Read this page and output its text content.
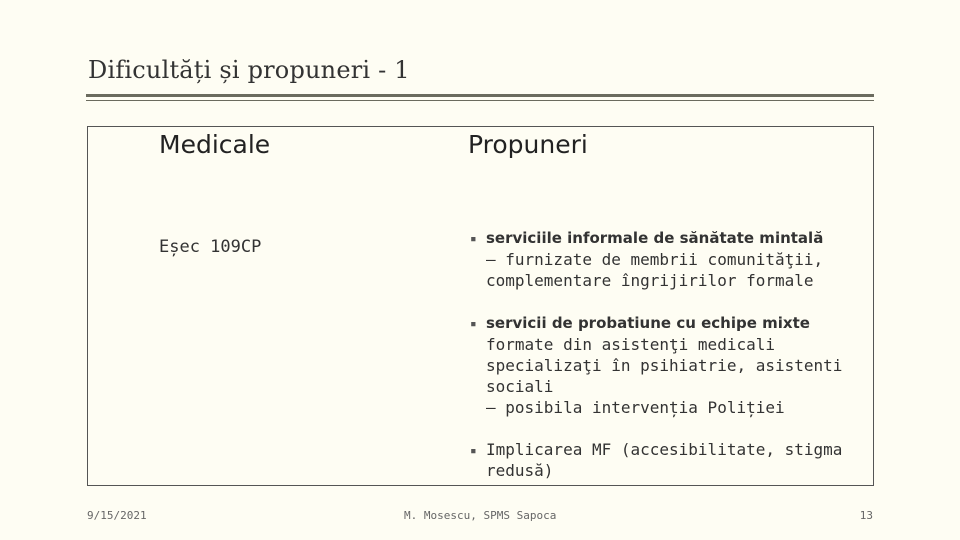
Dificultăți și propuneri - 1
Medicale	Propuneri
Eșec 109CP	▪ serviciile informale de sănătate mintală
– furnizate de membrii comunităţii,
complementare îngrijirilor formale
▪ servicii de probatiune cu echipe mixte
formate din asistenţi medicali
specializaţi în psihiatrie, asistenti sociali
– posibila intervenția Poliției
▪ Implicarea MF (accesibilitate, stigma
redusă)
9/15/2021	M. Mosescu, SPMS Sapoca	13
